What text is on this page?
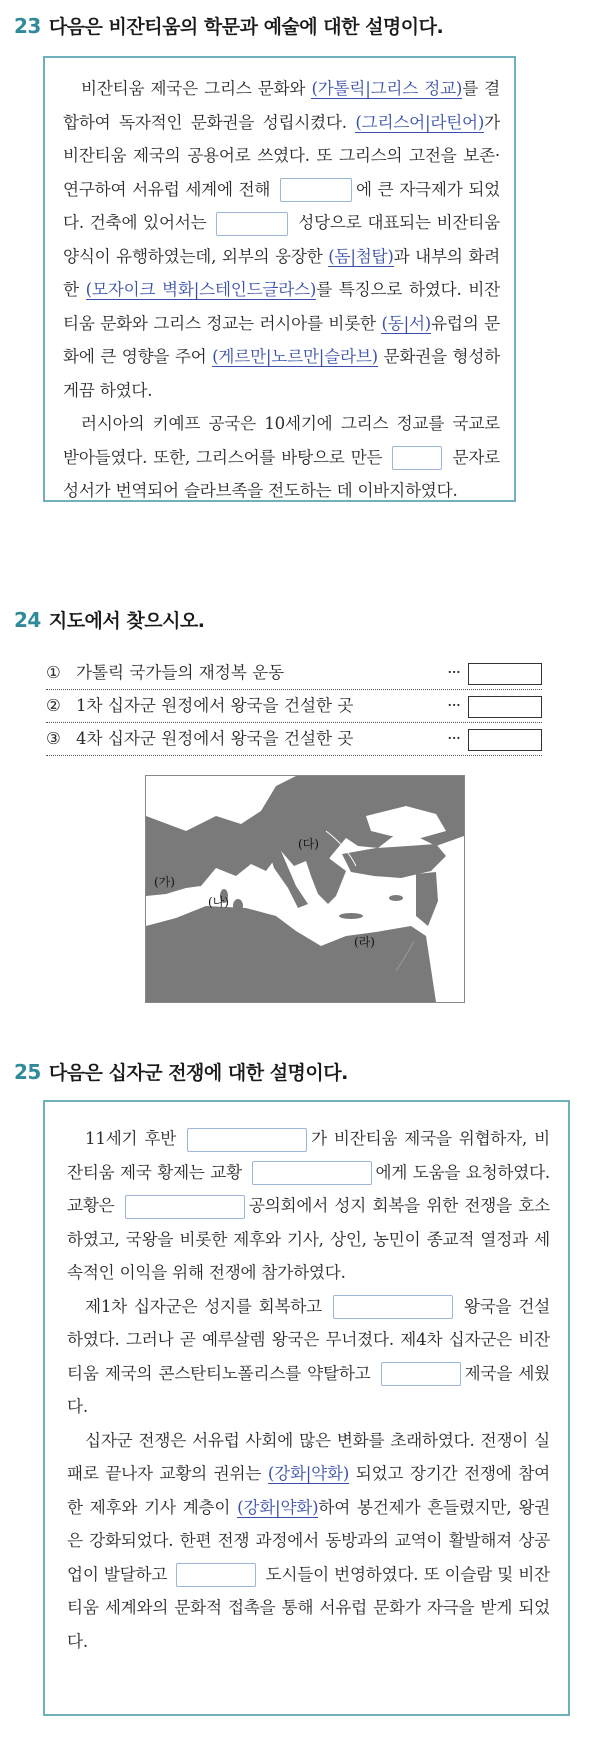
23 다음은 비잔티움의 학문과 예술에 대한 설명이다.

비잔티움 제국은 그리스 문화와 (가톨릭|그리스 정교)를 결합하여 독자적인 문화권을 성립시켰다. (그리스어|라틴어)가 비잔티움 제국의 공용어로 쓰였다. 또 그리스의 고전을 보존·연구하여 서유럽 세계에 전해	에 큰 자극제가 되었다. 건축에 있어서는	성당으로 대표되는 비잔티움 양식이 유행하였는데, 외부의 웅장한 (돔|첨탑)과 내부의 화려한 (모자이크 벽화|스테인드글라스)를 특징으로 하였다. 비잔티움 문화와 그리스 정교는 러시아를 비롯한 (동|서)유럽의 문화에 큰 영향을 주어 (게르만|노르만|슬라브) 문화권을 형성하게끔 하였다.

러시아의 키예프 공국은 10세기에 그리스 정교를 국교로 받아들였다. 또한, 그리스어를 바탕으로 만든	문자로 성서가 번역되어 슬라브족을 전도하는 데 이바지하였다.

24 지도에서 찾으시오.
① 가톨릭 국가들의 재정복 운동	···
② 1차 십자군 원정에서 왕국을 건설한 곳	···
③ 4차 십자군 원정에서 왕국을 건설한 곳	···
(가)
(나)
(다)
(라)
25 다음은 십자군 전쟁에 대한 설명이다.

11세기 후반	가 비잔티움 제국을 위협하자, 비잔티움 제국 황제는 교황	에게 도움을 요청하였다. 교황은	공의회에서 성지 회복을 위한 전쟁을 호소하였고, 국왕을 비롯한 제후와 기사, 상인, 농민이 종교적 열정과 세속적인 이익을 위해 전쟁에 참가하였다.

제1차 십자군은 성지를 회복하고	왕국을 건설하였다. 그러나 곧 예루살렘 왕국은 무너졌다. 제4차 십자군은 비잔티움 제국의 콘스탄티노폴리스를 약탈하고	제국을 세웠다.

십자군 전쟁은 서유럽 사회에 많은 변화를 초래하였다. 전쟁이 실패로 끝나자 교황의 권위는 (강화|약화) 되었고 장기간 전쟁에 참여한 제후와 기사 계층이 (강화|약화)하여 봉건제가 흔들렸지만, 왕권은 강화되었다. 한편 전쟁 과정에서 동방과의 교역이 활발해져 상공업이 발달하고	도시들이 번영하였다. 또 이슬람 및 비잔티움 세계와의 문화적 접촉을 통해 서유럽 문화가 자극을 받게 되었다.
